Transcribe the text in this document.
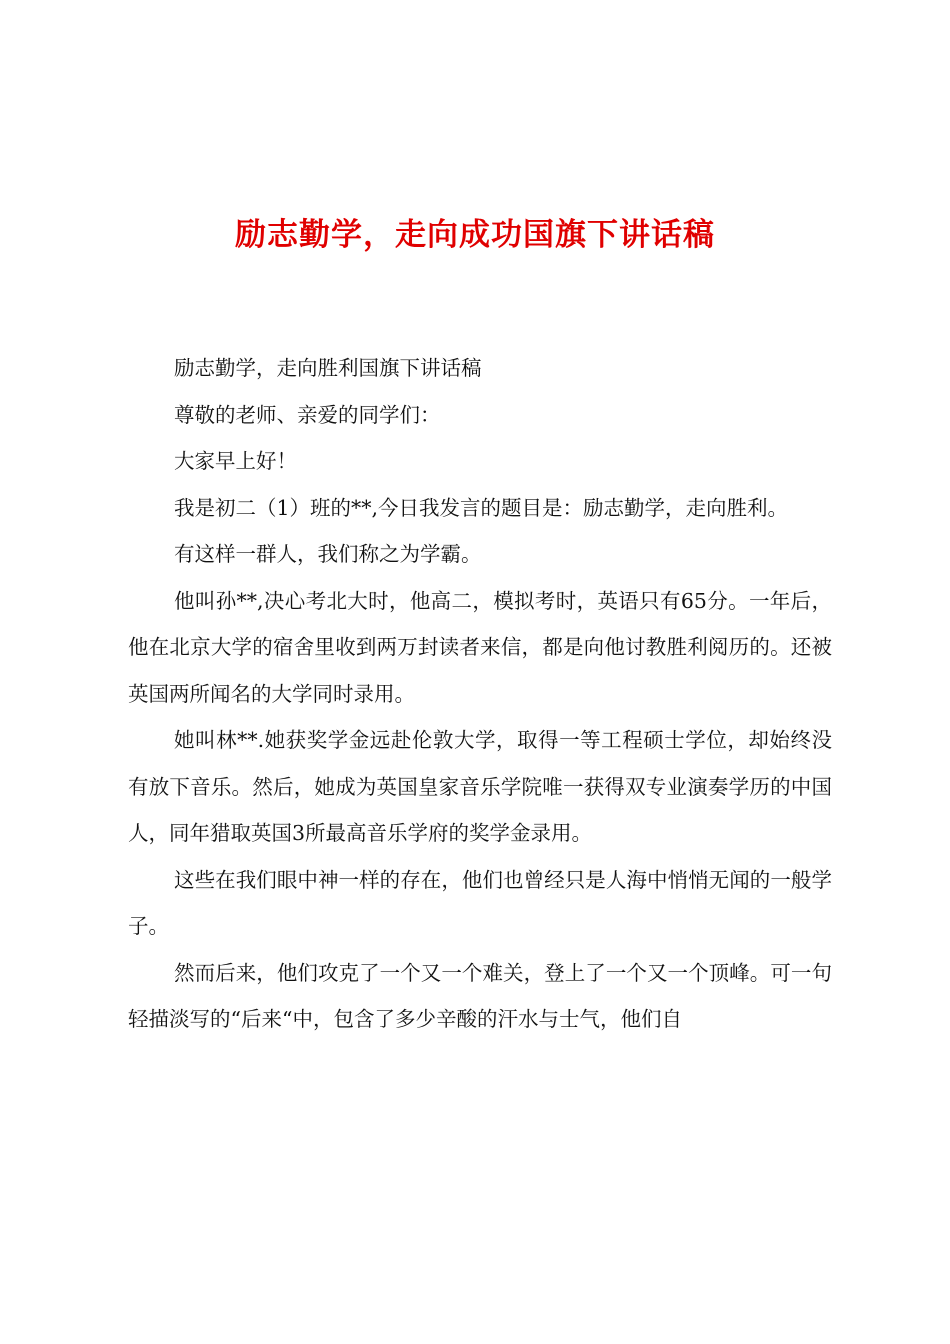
励志勤学，走向成功国旗下讲话稿

励志勤学，走向胜利国旗下讲话稿

尊敬的老师、亲爱的同学们：

大家早上好！

我是初二（1）班的**,今日我发言的题目是：励志勤学，走向胜利。

有这样一群人，我们称之为学霸。

他叫孙**,决心考北大时，他高二，模拟考时，英语只有65分。一年后，他在北京大学的宿舍里收到两万封读者来信，都是向他讨教胜利阅历的。还被英国两所闻名的大学同时录用。

她叫林**.她获奖学金远赴伦敦大学，取得一等工程硕士学位，却始终没有放下音乐。然后，她成为英国皇家音乐学院唯一获得双专业演奏学历的中国人，同年猎取英国3所最高音乐学府的奖学金录用。

这些在我们眼中神一样的存在，他们也曾经只是人海中悄悄无闻的一般学子。

然而后来，他们攻克了一个又一个难关，登上了一个又一个顶峰。可一句轻描淡写的“后来“中，包含了多少辛酸的汗水与士气，他们自
